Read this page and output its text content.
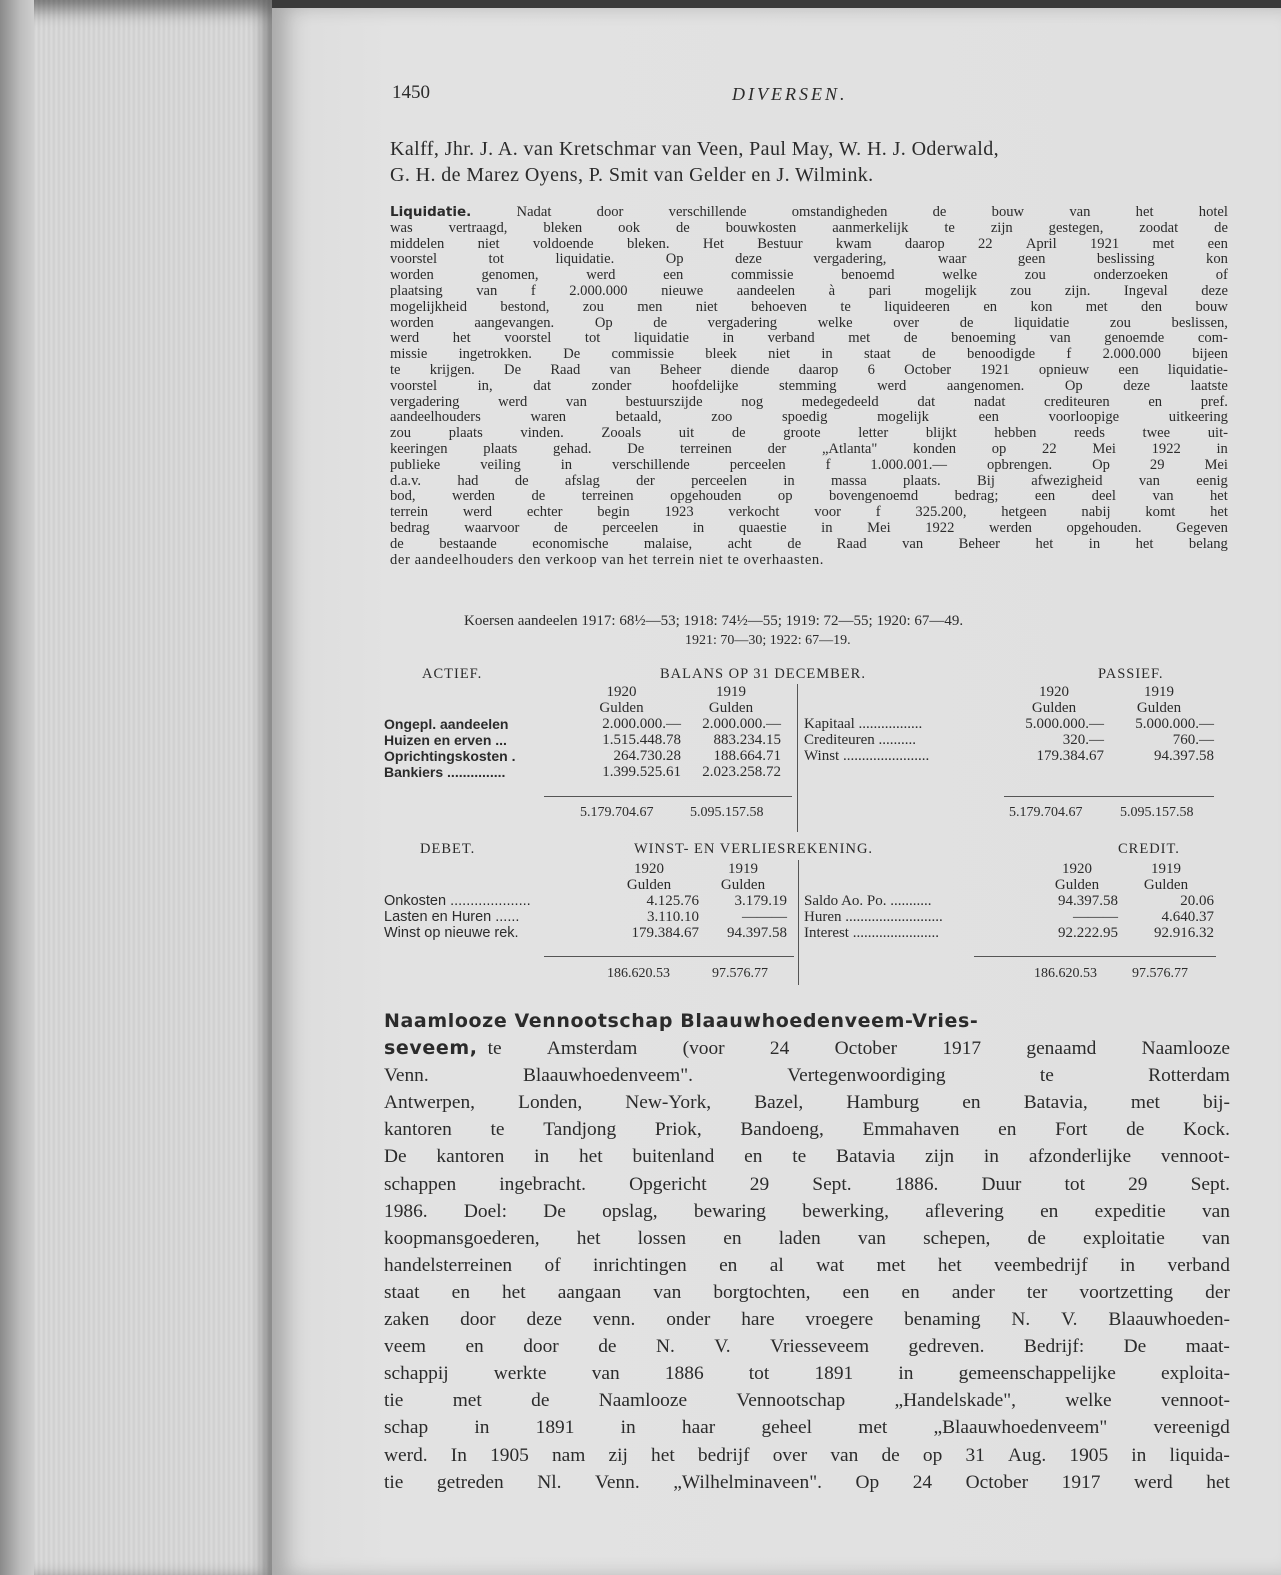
1450	DIVERSEN.
Kalff, Jhr. J. A. van Kretschmar van Veen, Paul May, W. H. J. Oderwald,
G. H. de Marez Oyens, P. Smit van Gelder en J. Wilmink.
Liquidatie.	Nadat	door	verschillende	omstandigheden	de	bouw	van	het	hotel
was vertraagd, bleken ook de bouwkosten aanmerkelijk te zijn gestegen, zoodat de
middelen niet voldoende bleken. Het Bestuur kwam daarop 22 April 1921 met een
voorstel	tot	liquidatie.	Op	deze	vergadering,	waar	geen	beslissing	kon
worden	genomen,	werd	een	commissie	benoemd	welke	zou	onderzoeken	of
plaatsing van f 2.000.000 nieuwe aandeelen à pari mogelijk zou zijn. Ingeval deze
mogelijkheid bestond, zou men niet behoeven te liquideeren en kon met den bouw
worden	aangevangen.	Op	de	vergadering	welke	over	de	liquidatie	zou	beslissen,
werd het voorstel tot liquidatie in verband met de benoeming van genoemde com-
missie ingetrokken. De commissie bleek niet in staat de benoodigde f 2.000.000 bijeen
te krijgen. De Raad van Beheer diende daarop 6 October 1921 opnieuw een liquidatie-
voorstel	in,	dat	zonder	hoofdelijke	stemming	werd	aangenomen.	Op	deze	laatste
vergadering	werd	van	bestuurszijde	nog	medegedeeld	dat	nadat	crediteuren	en	pref.
aandeelhouders	waren	betaald,	zoo	spoedig	mogelijk	een	voorloopige	uitkeering
zou	plaats	vinden.	Zooals	uit	de	groote	letter	blijkt	hebben	reeds	twee	uit-
keeringen plaats gehad. De terreinen der „Atlanta" konden op 22 Mei 1922 in
publieke	veiling	in	verschillende	perceelen	f	1.000.001.—	opbrengen.	Op	29	Mei
d.a.v. had de afslag der perceelen in massa plaats. Bij afwezigheid van eenig
bod, werden de terreinen opgehouden op bovengenoemd bedrag; een deel van het
terrein werd echter begin 1923 verkocht voor f 325.200, hetgeen nabij komt het
bedrag waarvoor de perceelen in quaestie in Mei 1922 werden opgehouden. Gegeven
de bestaande economische malaise, acht de Raad van Beheer het in het belang
der aandeelhouders den verkoop van het terrein niet te overhaasten.
Koersen aandeelen 1917: 68½—53; 1918: 74½—55; 1919: 72—55; 1920: 67—49.
1921: 70—30; 1922: 67—19.
ACTIEF.	BALANS OP 31 DECEMBER.	PASSIEF.
	1920	1919
	Gulden	Gulden
Ongepl. aandeelen	2.000.000.—	2.000.000.—
Huizen en erven ...	1.515.448.78	883.234.15
Oprichtingskosten .	264.730.28	188.664.71
Bankiers ...............	1.399.525.61	2.023.258.72
	1920	1919
	Gulden	Gulden
Kapitaal .................	5.000.000.—	5.000.000.—
Crediteuren ..........	320.—	760.—
Winst .......................	179.384.67	94.397.58
5.179.704.67	5.095.157.58	5.179.704.67	5.095.157.58
DEBET.	WINST- EN VERLIESREKENING.	CREDIT.
	1920	1919
	Gulden	Gulden
Onkosten ....................	4.125.76	3.179.19
Lasten en Huren ......	3.110.10	———
Winst op nieuwe rek.	179.384.67	94.397.58
	1920	1919
	Gulden	Gulden
Saldo Ao. Po. ...........	94.397.58	20.06
Huren ..........................	———	4.640.37
Interest .......................	92.222.95	92.916.32
186.620.53	97.576.77	186.620.53	97.576.77
Naamlooze Vennootschap Blaauwhoedenveem-Vries-
seveem, te Amsterdam (voor 24 October 1917 genaamd Naamlooze
Venn.	Blaauwhoedenveem".	Vertegenwoordiging	te	Rotterdam
Antwerpen, Londen, New-York, Bazel, Hamburg en Batavia, met bij-
kantoren te Tandjong Priok, Bandoeng, Emmahaven en Fort de Kock.
De kantoren in het buitenland en te Batavia zijn in afzonderlijke vennoot-
schappen ingebracht. Opgericht 29 Sept. 1886. Duur tot 29 Sept.
1986. Doel: De opslag, bewaring bewerking, aflevering en expeditie van
koopmansgoederen, het lossen en laden van schepen, de exploitatie van
handelsterreinen of inrichtingen en al wat met het veembedrijf in verband
staat en het aangaan van borgtochten, een en ander ter voortzetting der
zaken door deze venn. onder hare vroegere benaming N. V. Blaauwhoeden-
veem en door de N. V. Vriesseveem gedreven. Bedrijf: De maat-
schappij werkte van 1886 tot 1891 in gemeenschappelijke exploita-
tie	met	de	Naamlooze	Vennootschap	„Handelskade",	welke	vennoot-
schap in 1891 in haar geheel met „Blaauwhoedenveem" vereenigd
werd. In 1905 nam zij het bedrijf over van de op 31 Aug. 1905 in liquida-
tie getreden Nl. Venn. „Wilhelminaveen". Op 24 October 1917 werd het
